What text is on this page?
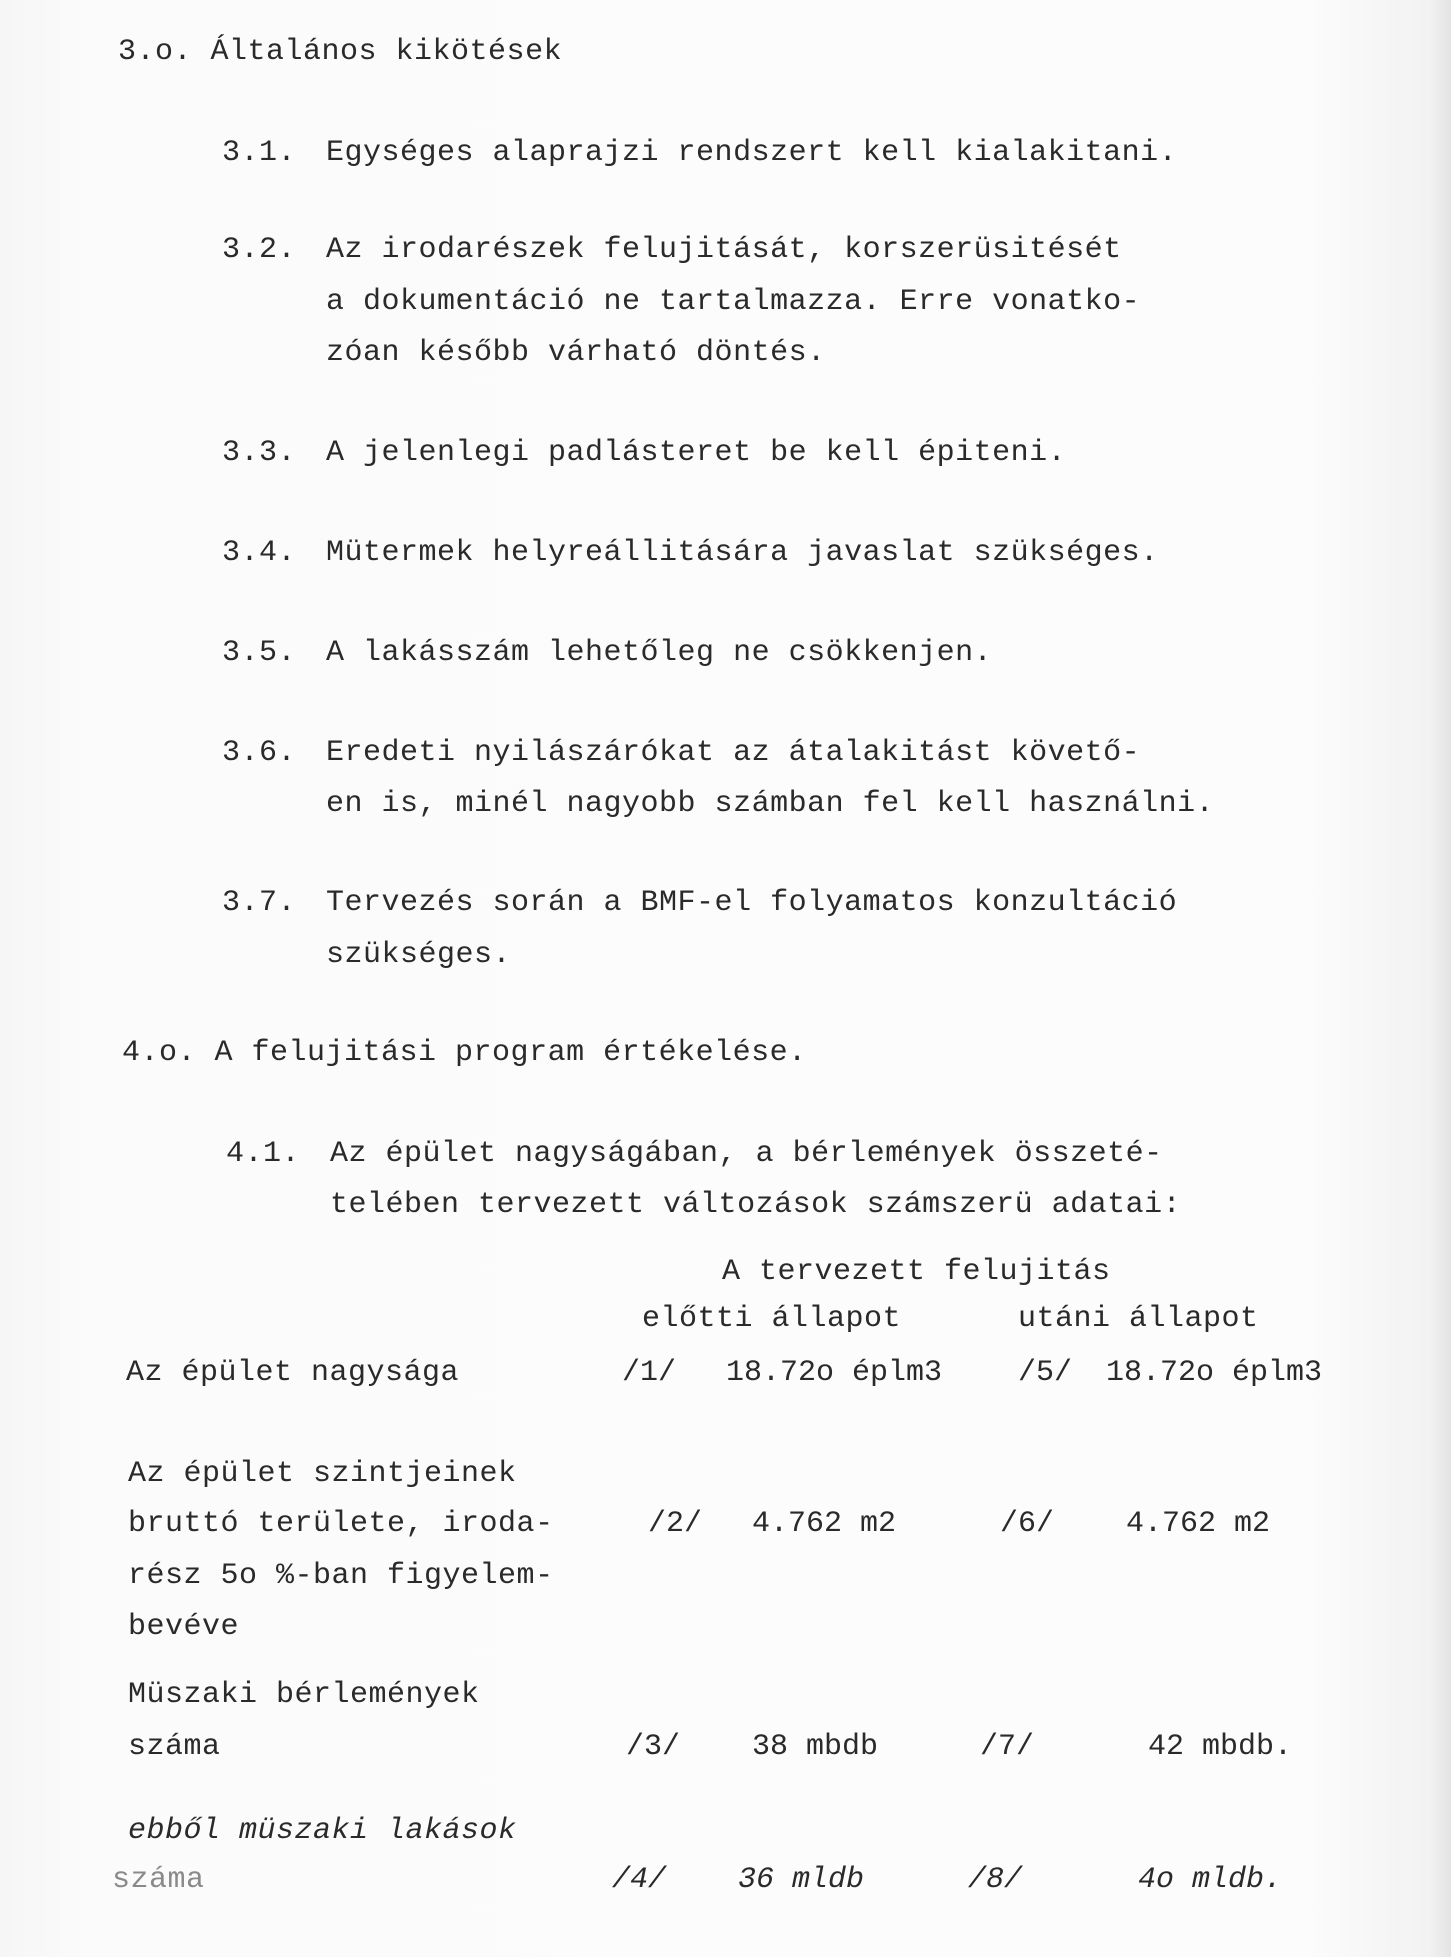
3.o. Általános kikötések

3.1. Egységes alaprajzi rendszert kell kialakitani.

3.2. Az irodarészek felujitását, korszerüsitését

a dokumentáció ne tartalmazza. Erre vonatko-

zóan később várható döntés.

3.3. A jelenlegi padlásteret be kell épiteni.

3.4. Mütermek helyreállitására javaslat szükséges.

3.5. A lakásszám lehetőleg ne csökkenjen.

3.6. Eredeti nyilászárókat az átalakitást követő-

en is, minél nagyobb számban fel kell használni.

3.7. Tervezés során a BMF-el folyamatos konzultáció

szükséges.

4.o. A felujitási program értékelése.

4.1. Az épület nagyságában, a bérlemények összeté-

telében tervezett változások számszerü adatai:

A tervezett felujitás

előtti állapot	utáni állapot

Az épület nagysága	/1/ 18.72o éplm3	/5/ 18.72o éplm3

Az épület szintjeinek

bruttó területe, iroda-

rész 5o %-ban figyelem-

bevéve

/2/ 4.762 m2	/6/ 4.762 m2

Müszaki bérlemények

száma	/3/ 38 mbdb	/7/	42 mbdb.

ebből müszaki lakások

száma	/4/ 36 mldb	/8/	4o mldb.
